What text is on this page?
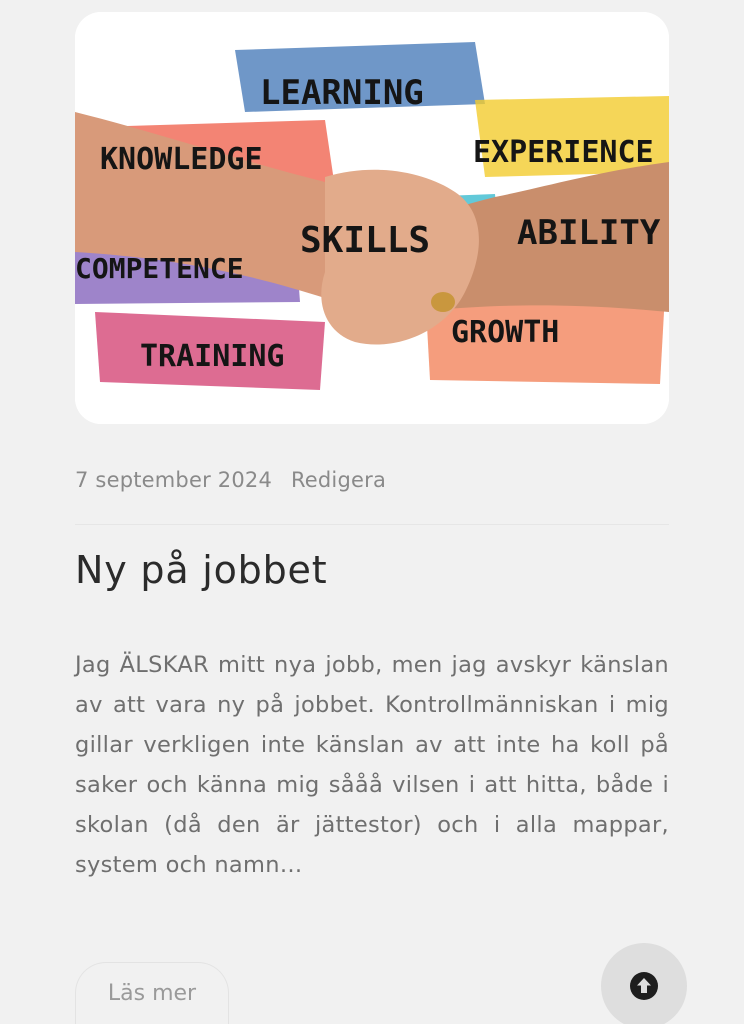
LEARNING
KNOWLEDGE	EXPERIENCE
SKILLS	ABILITY
COMPETENCE
TRAINING
GROWTH
7 september 2024 Redigera
Ny på jobbet

Jag ÄLSKAR mitt nya jobb, men jag avskyr känslan av att vara ny på jobbet. Kontrollmänniskan i mig gillar verkligen inte känslan av att inte ha koll på saker och känna mig sååå vilsen i att hitta, både i skolan (då den är jättestor) och i alla mappar, system och namn…

Läs mer
